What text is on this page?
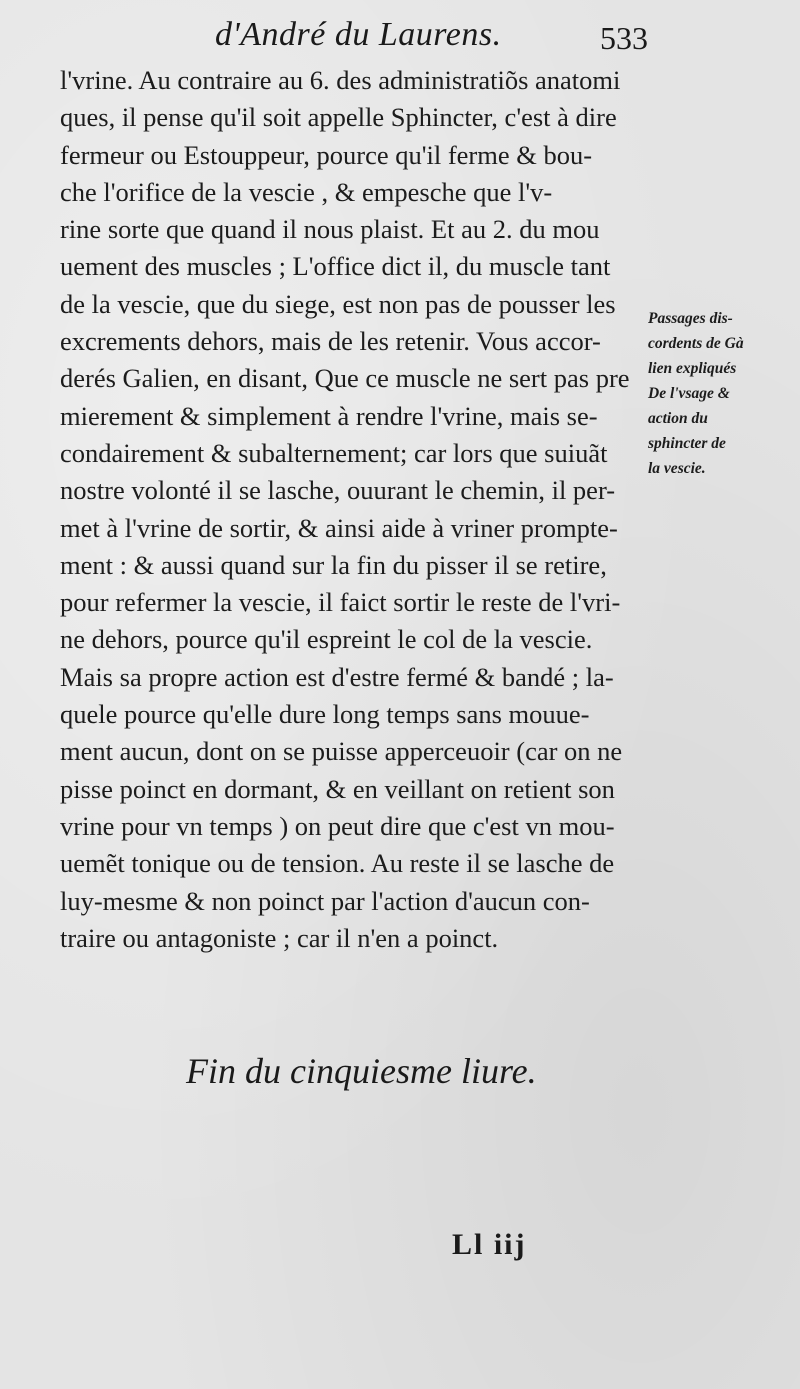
d'André du Laurens.	533
l'vrine. Au contraire au 6. des administratiõs anatomi
ques, il pense qu'il soit appelle Sphincter, c'est à dire
fermeur ou Estouppeur, pource qu'il ferme & bou-
che l'orifice de la vescie , & empesche que l'v-
rine sorte que quand il nous plaist. Et au 2. du mou
uement des muscles ; L'office dict il, du muscle tant
de la vescie, que du siege, est non pas de pousser les
excrements dehors, mais de les retenir. Vous accor-
derés Galien, en disant, Que ce muscle ne sert pas pre
mierement & simplement à rendre l'vrine, mais se-
condairement & subalternement; car lors que suiuãt
nostre volonté il se lasche, ouurant le chemin, il per-
met à l'vrine de sortir, & ainsi aide à vriner prompte-
ment : & aussi quand sur la fin du pisser il se retire,
pour refermer la vescie, il faict sortir le reste de l'vri-
ne dehors, pource qu'il espreint le col de la vescie.
Mais sa propre action est d'estre fermé & bandé ; la-
quele pource qu'elle dure long temps sans mouue-
ment aucun, dont on se puisse apperceuoir (car on ne
pisse poinct en dormant, & en veillant on retient son
vrine pour vn temps ) on peut dire que c'est vn mou-
uemẽt tonique ou de tension. Au reste il se lasche de
luy-mesme & non poinct par l'action d'aucun con-
traire ou antagoniste ; car il n'en a poinct.
Passages dis-
cordents de Gà
lien expliqués
De l'vsage &
action du
sphincter de
la vescie.
Fin du cinquiesme liure.
Ll iij
